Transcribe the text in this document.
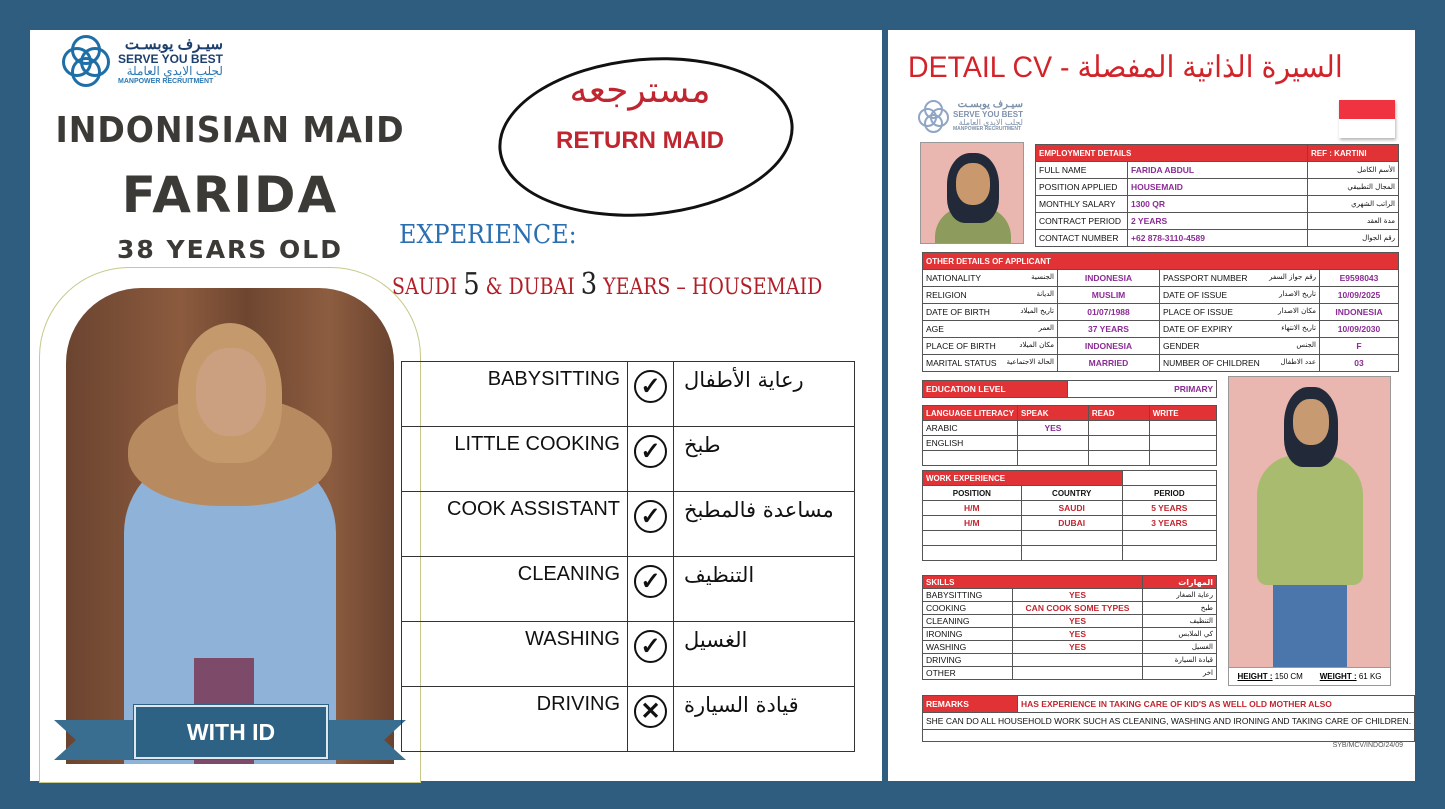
سيـرف يوبسـت
SERVE YOU BEST
لجلب الايدي العاملة
MANPOWER RECRUITMENT
INDONISIAN MAID
FARIDA
38 YEARS OLD
مسترجعه
RETURN MAID
WITH ID
EXPERIENCE:
SAUDI 5 & DUBAI 3 YEARS – HOUSEMAID
BABYSITTING	✓	رعاية الأطفال
LITTLE COOKING	✓	طبخ
COOK ASSISTANT	✓	مساعدة فالمطبخ
CLEANING	✓	التنظيف
WASHING	✓	الغسيل
DRIVING	✕	قيادة السيارة
DETAIL CV - السيرة الذاتية المفصلة
سيـرف يوبسـت
SERVE YOU BEST
لجلب الايدي العاملة
MANPOWER RECRUITMENT
EMPLOYMENT DETAILS		REF : KARTINI
FULL NAME	FARIDA ABDUL	الأسم الكامل
POSITION APPLIED	HOUSEMAID	المجال التطبيقي
MONTHLY SALARY	1300 QR	الراتب الشهري
CONTRACT PERIOD	2 YEARS	مدة العقد
CONTACT NUMBER	+62 878-3110-4589	رقم الجوال
OTHER DETAILS OF APPLICANT			
NATIONALITY الجنسية	INDONESIA	PASSPORT NUMBER رقم جواز السفر	E9598043
RELIGION الديانة	MUSLIM	DATE OF ISSUE تاريخ الاصدار	10/09/2025
DATE OF BIRTH تاريخ الميلاد	01/07/1988	PLACE OF ISSUE مكان الاصدار	INDONESIA
AGE العمر	37 YEARS	DATE OF EXPIRY تاريخ الانتهاء	10/09/2030
PLACE OF BIRTH مكان الميلاد	INDONESIA	GENDER الجنس	F
MARITAL STATUS الحالة الاجتماعية	MARRIED	NUMBER OF CHILDREN عدد الاطفال	03
EDUCATION LEVEL	PRIMARY
LANGUAGE LITERACY	SPEAK	READ	WRITE
ARABIC	YES		
ENGLISH			

WORK EXPERIENCE		
POSITION	COUNTRY	PERIOD
H/M	SAUDI	5 YEARS
H/M	DUBAI	3 YEARS

SKILLS		المهارات
BABYSITTING	YES	رعاية الصغار
COOKING	CAN COOK SOME TYPES	طبخ
CLEANING	YES	التنظيف
IRONING	YES	كي الملابس
WASHING	YES	الغسيل
DRIVING		قيادة السيارة
OTHER		اخر	HEIGHT : 150 CM WEIGHT : 61 KG
REMARKS	HAS EXPERIENCE IN TAKING CARE OF KID'S AS WELL OLD MOTHER ALSO
SHE CAN DO ALL HOUSEHOLD WORK SUCH AS CLEANING, WASHING AND IRONING AND TAKING CARE OF CHILDREN.

SYB/MCV/INDO/24/09
